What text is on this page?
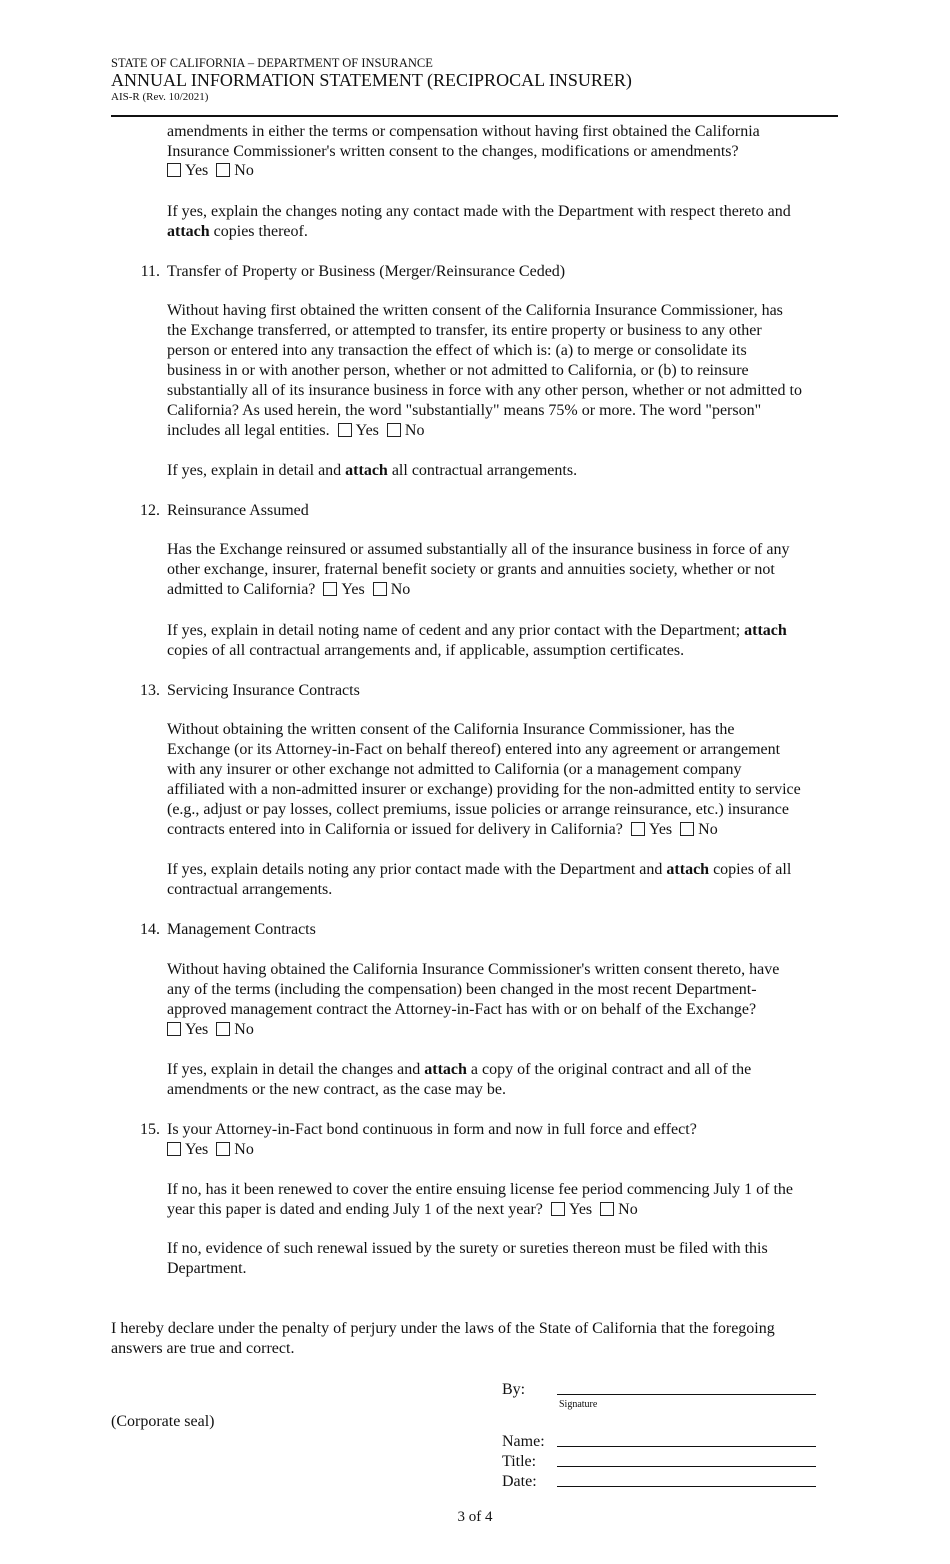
STATE OF CALIFORNIA – DEPARTMENT OF INSURANCE
ANNUAL INFORMATION STATEMENT (RECIPROCAL INSURER)
AIS-R (Rev. 10/2021)
amendments in either the terms or compensation without having first obtained the California
Insurance Commissioner's written consent to the changes, modifications or amendments?
Yes No
If yes, explain the changes noting any contact made with the Department with respect thereto and
attach copies thereof.
11. Transfer of Property or Business (Merger/Reinsurance Ceded)
Without having first obtained the written consent of the California Insurance Commissioner, has
the Exchange transferred, or attempted to transfer, its entire property or business to any other
person or entered into any transaction the effect of which is: (a) to merge or consolidate its
business in or with another person, whether or not admitted to California, or (b) to reinsure
substantially all of its insurance business in force with any other person, whether or not admitted to
California? As used herein, the word "substantially" means 75% or more. The word "person"
includes all legal entities. Yes No
If yes, explain in detail and attach all contractual arrangements.
12. Reinsurance Assumed
Has the Exchange reinsured or assumed substantially all of the insurance business in force of any
other exchange, insurer, fraternal benefit society or grants and annuities society, whether or not
admitted to California? Yes No
If yes, explain in detail noting name of cedent and any prior contact with the Department; attach
copies of all contractual arrangements and, if applicable, assumption certificates.
13. Servicing Insurance Contracts
Without obtaining the written consent of the California Insurance Commissioner, has the
Exchange (or its Attorney-in-Fact on behalf thereof) entered into any agreement or arrangement
with any insurer or other exchange not admitted to California (or a management company
affiliated with a non-admitted insurer or exchange) providing for the non-admitted entity to service
(e.g., adjust or pay losses, collect premiums, issue policies or arrange reinsurance, etc.) insurance
contracts entered into in California or issued for delivery in California? Yes No
If yes, explain details noting any prior contact made with the Department and attach copies of all
contractual arrangements.
14. Management Contracts
Without having obtained the California Insurance Commissioner's written consent thereto, have
any of the terms (including the compensation) been changed in the most recent Department-
approved management contract the Attorney-in-Fact has with or on behalf of the Exchange?
Yes No
If yes, explain in detail the changes and attach a copy of the original contract and all of the
amendments or the new contract, as the case may be.
15. Is your Attorney-in-Fact bond continuous in form and now in full force and effect?
Yes No
If no, has it been renewed to cover the entire ensuing license fee period commencing July 1 of the
year this paper is dated and ending July 1 of the next year? Yes No
If no, evidence of such renewal issued by the surety or sureties thereon must be filed with this
Department.
I hereby declare under the penalty of perjury under the laws of the State of California that the foregoing
answers are true and correct.
By:
Signature
(Corporate seal)
Name:
Title:
Date:
3 of 4
